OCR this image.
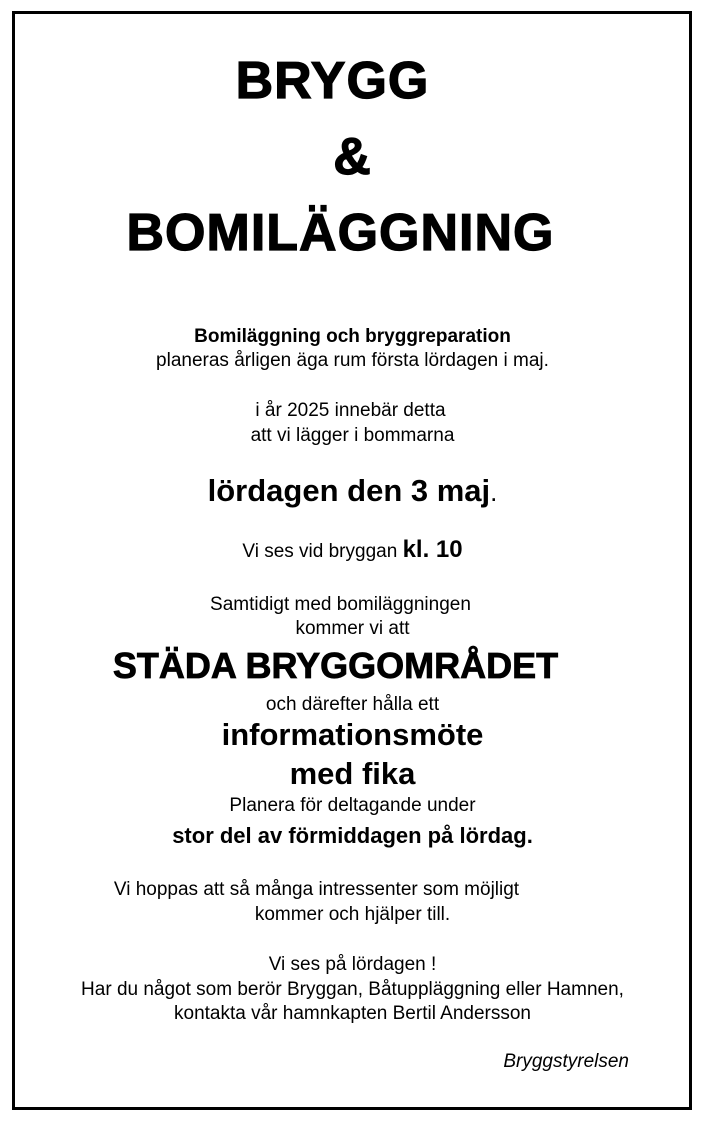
BRYGG
&
BOMILÄGGNING
Bomiläggning och bryggreparation
planeras årligen äga rum första lördagen i maj.
i år 2025 innebär detta
att vi lägger i bommarna
lördagen den 3 maj.
Vi ses vid bryggan kl. 10
Samtidigt med bomiläggningen
kommer vi att
STÄDA BRYGGOMRÅDET
och därefter hålla ett
informationsmöte
med fika
Planera för deltagande under
stor del av förmiddagen på lördag.
Vi hoppas att så många intressenter som möjligt
kommer och hjälper till.
Vi ses på lördagen !
Har du något som berör Bryggan, Båtuppläggning eller Hamnen,
kontakta vår hamnkapten Bertil Andersson
Bryggstyrelsen
